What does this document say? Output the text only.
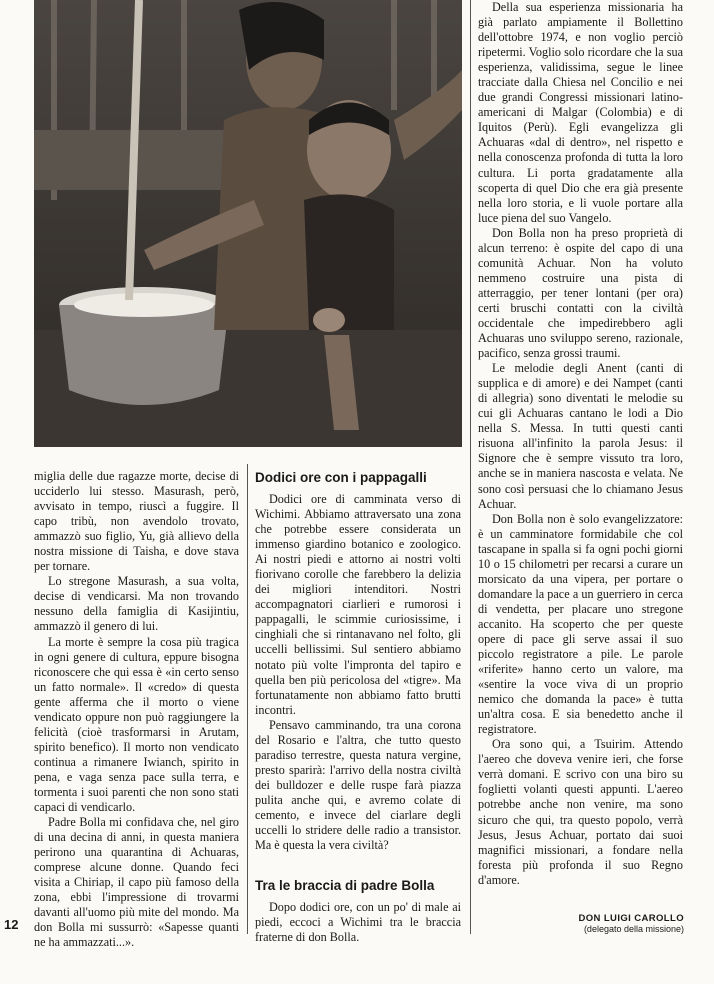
miglia delle due ragazze morte, decise di ucciderlo lui stesso. Masurash, però, avvisato in tempo, riuscì a fuggire. Il capo tribù, non avendolo trovato, ammazzò suo figlio, Yu, già allievo della nostra missione di Taisha, e dove stava per tornare.

Lo stregone Masurash, a sua volta, decise di vendicarsi. Ma non trovando nessuno della famiglia di Kasijintiu, ammazzò il genero di lui.

La morte è sempre la cosa più tragica in ogni genere di cultura, eppure bisogna riconoscere che qui essa è «in certo senso un fatto normale». Il «credo» di questa gente afferma che il morto o viene vendicato oppure non può raggiungere la felicità (cioè trasformarsi in Arutam, spirito benefico). Il morto non vendicato continua a rimanere Iwianch, spirito in pena, e vaga senza pace sulla terra, e tormenta i suoi parenti che non sono stati capaci di vendicarlo.

Padre Bolla mi confidava che, nel giro di una decina di anni, in questa maniera perirono una quarantina di Achuaras, comprese alcune donne. Quando feci visita a Chiriap, il capo più famoso della zona, ebbi l'impressione di trovarmi davanti all'uomo più mite del mondo. Ma don Bolla mi sussurrò: «Sapesse quanti ne ha ammazzati...».

Dodici ore con i pappagalli

Dodici ore di camminata verso di Wichimi. Abbiamo attraversato una zona che potrebbe essere considerata un immenso giardino botanico e zoologico. Ai nostri piedi e attorno ai nostri volti fiorivano corolle che farebbero la delizia dei migliori intenditori. Nostri accompagnatori ciarlieri e rumorosi i pappagalli, le scimmie curiosissime, i cinghiali che si rintanavano nel folto, gli uccelli bellissimi. Sul sentiero abbiamo notato più volte l'impronta del tapiro e quella ben più pericolosa del «tigre». Ma fortunatamente non abbiamo fatto brutti incontri.

Pensavo camminando, tra una corona del Rosario e l'altra, che tutto questo paradiso terrestre, questa natura vergine, presto sparirà: l'arrivo della nostra civiltà dei bulldozer e delle ruspe farà piazza pulita anche qui, e avremo colate di cemento, e invece del ciarlare degli uccelli lo stridere delle radio a transistor. Ma è questa la vera civiltà?

Tra le braccia di padre Bolla

Dopo dodici ore, con un po' di male ai piedi, eccoci a Wichimi tra le braccia fraterne di don Bolla.

Della sua esperienza missionaria ha già parlato ampiamente il Bollettino dell'ottobre 1974, e non voglio perciò ripetermi. Voglio solo ricordare che la sua esperienza, validissima, segue le linee tracciate dalla Chiesa nel Concilio e nei due grandi Congressi missionari latino-americani di Malgar (Colombia) e di Iquitos (Perù). Egli evangelizza gli Achuaras «dal di dentro», nel rispetto e nella conoscenza profonda di tutta la loro cultura. Li porta gradatamente alla scoperta di quel Dio che era già presente nella loro storia, e li vuole portare alla luce piena del suo Vangelo.

Don Bolla non ha preso proprietà di alcun terreno: è ospite del capo di una comunità Achuar. Non ha voluto nemmeno costruire una pista di atterraggio, per tener lontani (per ora) certi bruschi contatti con la civiltà occidentale che impedirebbero agli Achuaras uno sviluppo sereno, razionale, pacifico, senza grossi traumi.

Le melodie degli Anent (canti di supplica e di amore) e dei Nampet (canti di allegria) sono diventati le melodie su cui gli Achuaras cantano le lodi a Dio nella S. Messa. In tutti questi canti risuona all'infinito la parola Jesus: il Signore che è sempre vissuto tra loro, anche se in maniera nascosta e velata. Ne sono così persuasi che lo chiamano Jesus Achuar.

Don Bolla non è solo evangelizzatore: è un camminatore formidabile che col tascapane in spalla si fa ogni pochi giorni 10 o 15 chilometri per recarsi a curare un morsicato da una vipera, per portare o domandare la pace a un guerriero in cerca di vendetta, per placare uno stregone accanito. Ha scoperto che per queste opere di pace gli serve assai il suo piccolo registratore a pile. Le parole «riferite» hanno certo un valore, ma «sentire la voce viva di un proprio nemico che domanda la pace» è tutta un'altra cosa. E sia benedetto anche il registratore.

Ora sono qui, a Tsuirim. Attendo l'aereo che doveva venire ieri, che forse verrà domani. E scrivo con una biro su foglietti volanti questi appunti. L'aereo potrebbe anche non venire, ma sono sicuro che qui, tra questo popolo, verrà Jesus, Jesus Achuar, portato dai suoi magnifici missionari, a fondare nella foresta più profonda il suo Regno d'amore.

12	DON LUIGI CAROLLO
(delegato della missione)
